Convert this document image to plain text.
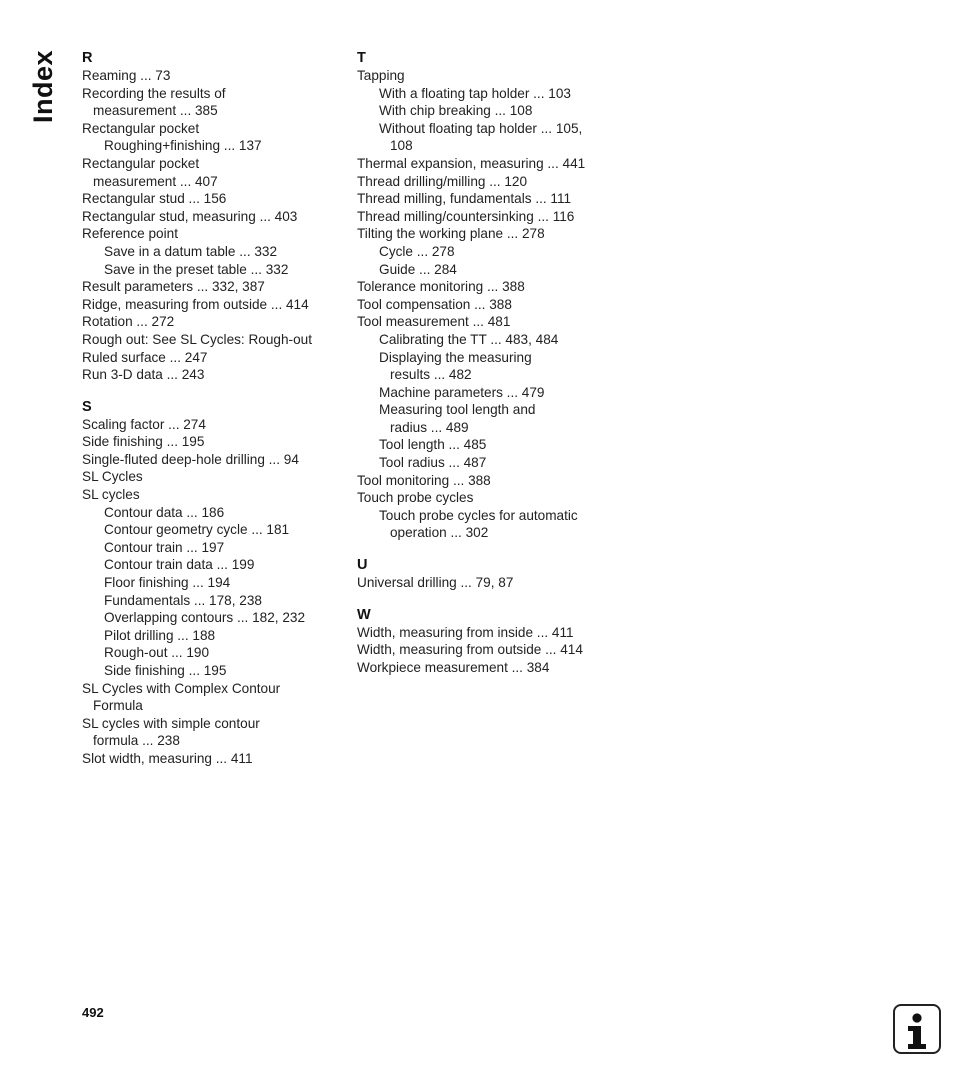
Index R
Reaming ... 73
Recording the results of
measurement ... 385
Rectangular pocket
Roughing+finishing ... 137
Rectangular pocket
measurement ... 407
Rectangular stud ... 156
Rectangular stud, measuring ... 403
Reference point
Save in a datum table ... 332
Save in the preset table ... 332
Result parameters ... 332, 387
Ridge, measuring from outside ... 414
Rotation ... 272
Rough out: See SL Cycles: Rough-out
Ruled surface ... 247
Run 3-D data ... 243
S
Scaling factor ... 274
Side finishing ... 195
Single-fluted deep-hole drilling ... 94
SL Cycles
SL cycles
Contour data ... 186
Contour geometry cycle ... 181
Contour train ... 197
Contour train data ... 199
Floor finishing ... 194
Fundamentals ... 178, 238
Overlapping contours ... 182, 232
Pilot drilling ... 188
Rough-out ... 190
Side finishing ... 195
SL Cycles with Complex Contour
Formula
SL cycles with simple contour
formula ... 238
Slot width, measuring ... 411
T
Tapping
With a floating tap holder ... 103
With chip breaking ... 108
Without floating tap holder ... 105,
108
Thermal expansion, measuring ... 441
Thread drilling/milling ... 120
Thread milling, fundamentals ... 111
Thread milling/countersinking ... 116
Tilting the working plane ... 278
Cycle ... 278
Guide ... 284
Tolerance monitoring ... 388
Tool compensation ... 388
Tool measurement ... 481
Calibrating the TT ... 483, 484
Displaying the measuring
results ... 482
Machine parameters ... 479
Measuring tool length and
radius ... 489
Tool length ... 485
Tool radius ... 487
Tool monitoring ... 388
Touch probe cycles
Touch probe cycles for automatic
operation ... 302
U
Universal drilling ... 79, 87
W
Width, measuring from inside ... 411
Width, measuring from outside ... 414
Workpiece measurement ... 384
492
